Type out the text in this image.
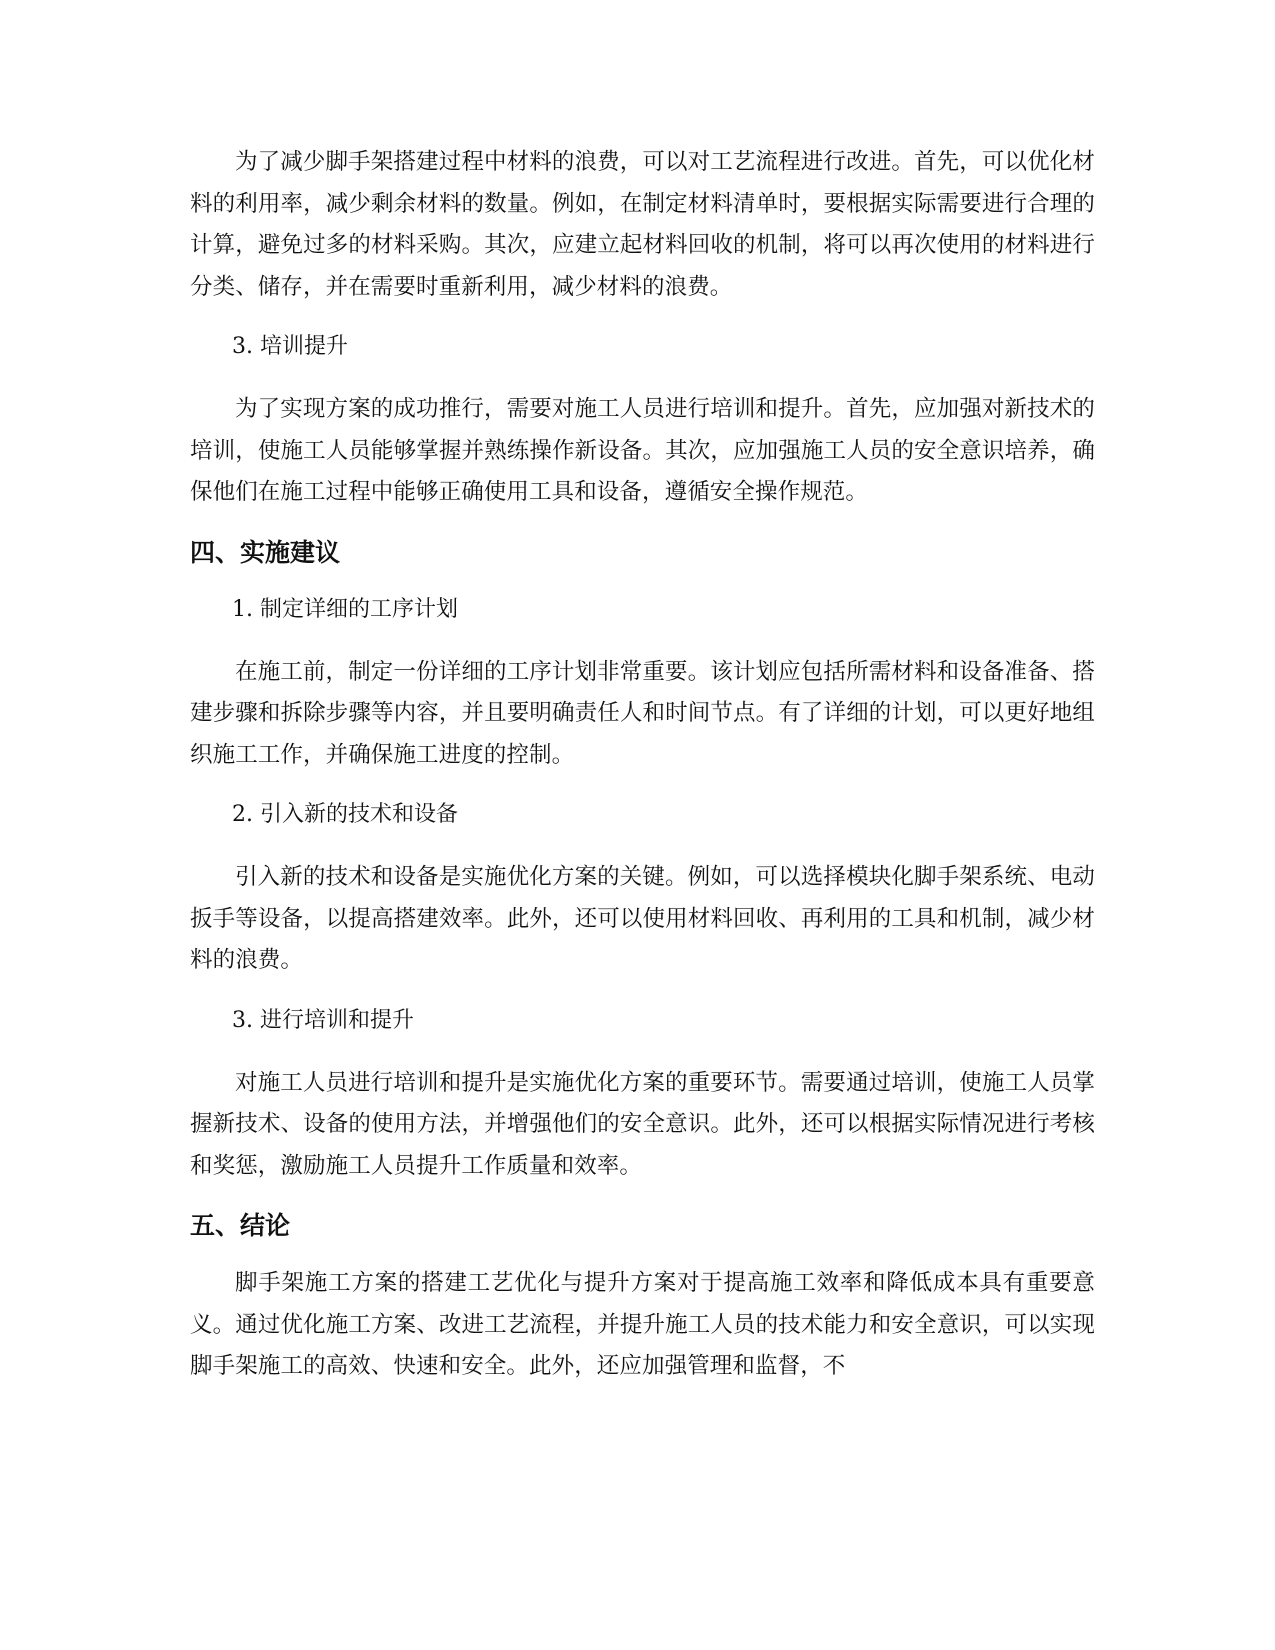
为了减少脚手架搭建过程中材料的浪费，可以对工艺流程进行改进。首先，可以优化材料的利用率，减少剩余材料的数量。例如，在制定材料清单时，要根据实际需要进行合理的计算，避免过多的材料采购。其次，应建立起材料回收的机制，将可以再次使用的材料进行分类、储存，并在需要时重新利用，减少材料的浪费。

3. 培训提升

为了实现方案的成功推行，需要对施工人员进行培训和提升。首先，应加强对新技术的培训，使施工人员能够掌握并熟练操作新设备。其次，应加强施工人员的安全意识培养，确保他们在施工过程中能够正确使用工具和设备，遵循安全操作规范。

四、实施建议

1. 制定详细的工序计划

在施工前，制定一份详细的工序计划非常重要。该计划应包括所需材料和设备准备、搭建步骤和拆除步骤等内容，并且要明确责任人和时间节点。有了详细的计划，可以更好地组织施工工作，并确保施工进度的控制。

2. 引入新的技术和设备

引入新的技术和设备是实施优化方案的关键。例如，可以选择模块化脚手架系统、电动扳手等设备，以提高搭建效率。此外，还可以使用材料回收、再利用的工具和机制，减少材料的浪费。

3. 进行培训和提升

对施工人员进行培训和提升是实施优化方案的重要环节。需要通过培训，使施工人员掌握新技术、设备的使用方法，并增强他们的安全意识。此外，还可以根据实际情况进行考核和奖惩，激励施工人员提升工作质量和效率。

五、结论

脚手架施工方案的搭建工艺优化与提升方案对于提高施工效率和降低成本具有重要意义。通过优化施工方案、改进工艺流程，并提升施工人员的技术能力和安全意识，可以实现脚手架施工的高效、快速和安全。此外，还应加强管理和监督，不
